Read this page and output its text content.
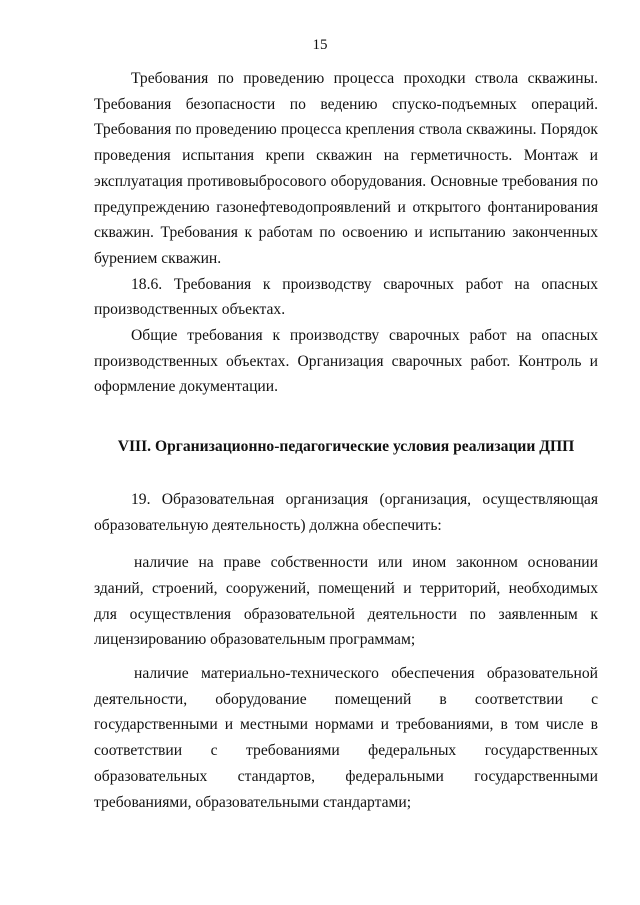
15

Требования по проведению процесса проходки ствола скважины. Требования безопасности по ведению спуско-подъемных операций. Требования по проведению процесса крепления ствола скважины. Порядок проведения испытания крепи скважин на герметичность. Монтаж и эксплуатация противовыбросового оборудования. Основные требования по предупреждению газонефтеводопроявлений и открытого фонтанирования скважин. Требования к работам по освоению и испытанию законченных бурением скважин.

18.6. Требования к производству сварочных работ на опасных производственных объектах.

Общие требования к производству сварочных работ на опасных производственных объектах. Организация сварочных работ. Контроль и оформление документации.

VIII. Организационно-педагогические условия реализации ДПП

19. Образовательная организация (организация, осуществляющая образовательную деятельность) должна обеспечить:

наличие на праве собственности или ином законном основании зданий, строений, сооружений, помещений и территорий, необходимых для осуществления образовательной деятельности по заявленным к лицензированию образовательным программам;

наличие материально-технического обеспечения образовательной деятельности, оборудование помещений в соответствии с государственными и местными нормами и требованиями, в том числе в соответствии с требованиями федеральных государственных образовательных стандартов, федеральными государственными требованиями, образовательными стандартами;
